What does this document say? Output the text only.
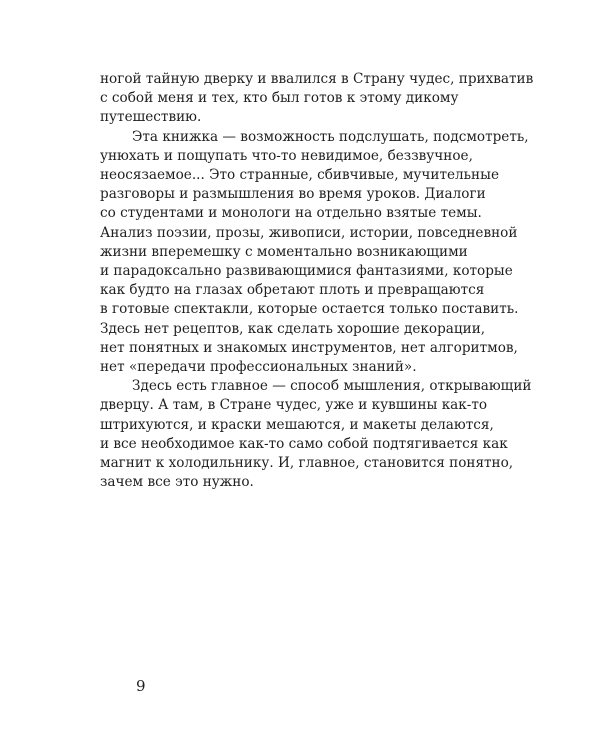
ногой тайную дверку и ввалился в Страну чудес, прихватив
с собой меня и тех, кто был готов к этому дикому
путешествию.
Эта книжка — возможность подслушать, подсмотреть,
унюхать и пощупать что-то невидимое, беззвучное,
неосязаемое... Это странные, сбивчивые, мучительные
разговоры и размышления во время уроков. Диалоги
со студентами и монологи на отдельно взятые темы.
Анализ поэзии, прозы, живописи, истории, повседневной
жизни вперемешку с моментально возникающими
и парадоксально развивающимися фантазиями, которые
как будто на глазах обретают плоть и превращаются
в готовые спектакли, которые остается только поставить.
Здесь нет рецептов, как сделать хорошие декорации,
нет понятных и знакомых инструментов, нет алгоритмов,
нет «передачи профессиональных знаний».
Здесь есть главное — способ мышления, открывающий
дверцу. А там, в Стране чудес, уже и кувшины как-то
штрихуются, и краски мешаются, и макеты делаются,
и все необходимое как-то само собой подтягивается как
магнит к холодильнику. И, главное, становится понятно,
зачем все это нужно.
9
